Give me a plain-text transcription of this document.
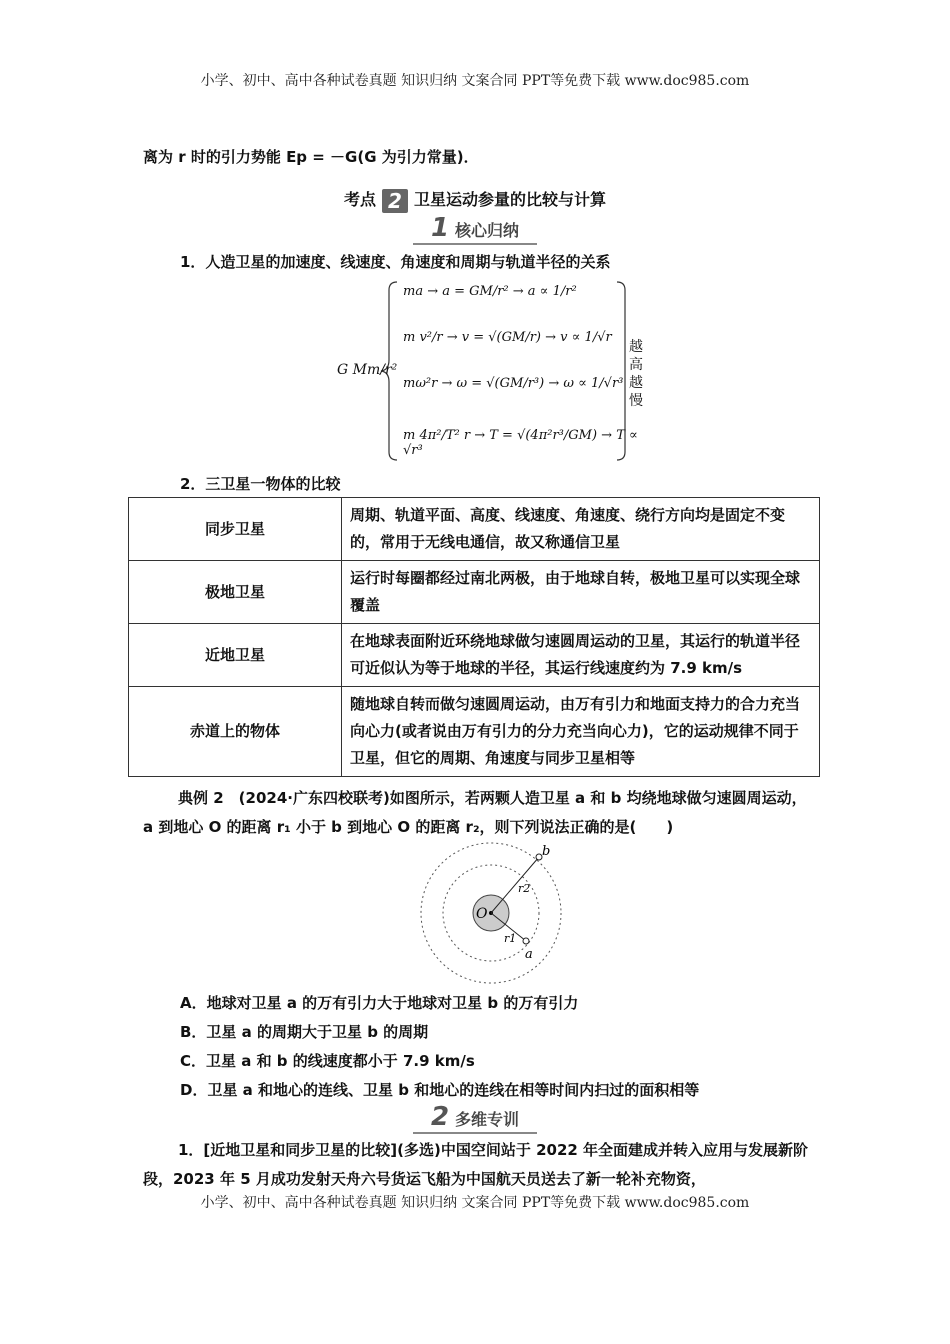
小学、初中、高中各种试卷真题 知识归纳 文案合同 PPT等免费下载 www.doc985.com
离为 r 时的引力势能 Ep = －G(G 为引力常量)．
考点 2 卫星运动参量的比较与计算
1 核心归纳
1．人造卫星的加速度、线速度、角速度和周期与轨道半径的关系
G Mm/r²
ma → a = GM/r² → a ∝ 1/r²
m v²/r → v = √(GM/r) → v ∝ 1/√r
mω²r → ω = √(GM/r³) → ω ∝ 1/√r³
m 4π²/T² r → T = √(4π²r³/GM) → T ∝ √r³
越高越慢
2．三卫星一物体的比较
同步卫星	周期、轨道平面、高度、线速度、角速度、绕行方向均是固定不变的，常用于无线电通信，故又称通信卫星
极地卫星	运行时每圈都经过南北两极，由于地球自转，极地卫星可以实现全球覆盖
近地卫星	在地球表面附近环绕地球做匀速圆周运动的卫星，其运行的轨道半径可近似认为等于地球的半径，其运行线速度约为 7.9 km/s
赤道上的物体	随地球自转而做匀速圆周运动，由万有引力和地面支持力的合力充当向心力(或者说由万有引力的分力充当向心力)，它的运动规律不同于卫星，但它的周期、角速度与同步卫星相等
典例 2　(2024·广东四校联考)如图所示，若两颗人造卫星 a 和 b 均绕地球做匀速圆周运动，a 到地心 O 的距离 r₁ 小于 b 到地心 O 的距离 r₂，则下列说法正确的是(　　)
O
b
a
r2
r1
A．地球对卫星 a 的万有引力大于地球对卫星 b 的万有引力
B．卫星 a 的周期大于卫星 b 的周期
C．卫星 a 和 b 的线速度都小于 7.9 km/s
D．卫星 a 和地心的连线、卫星 b 和地心的连线在相等时间内扫过的面积相等
2 多维专训
1．[近地卫星和同步卫星的比较](多选)中国空间站于 2022 年全面建成并转入应用与发展新阶段，2023 年 5 月成功发射天舟六号货运飞船为中国航天员送去了新一轮补充物资，
小学、初中、高中各种试卷真题 知识归纳 文案合同 PPT等免费下载 www.doc985.com
